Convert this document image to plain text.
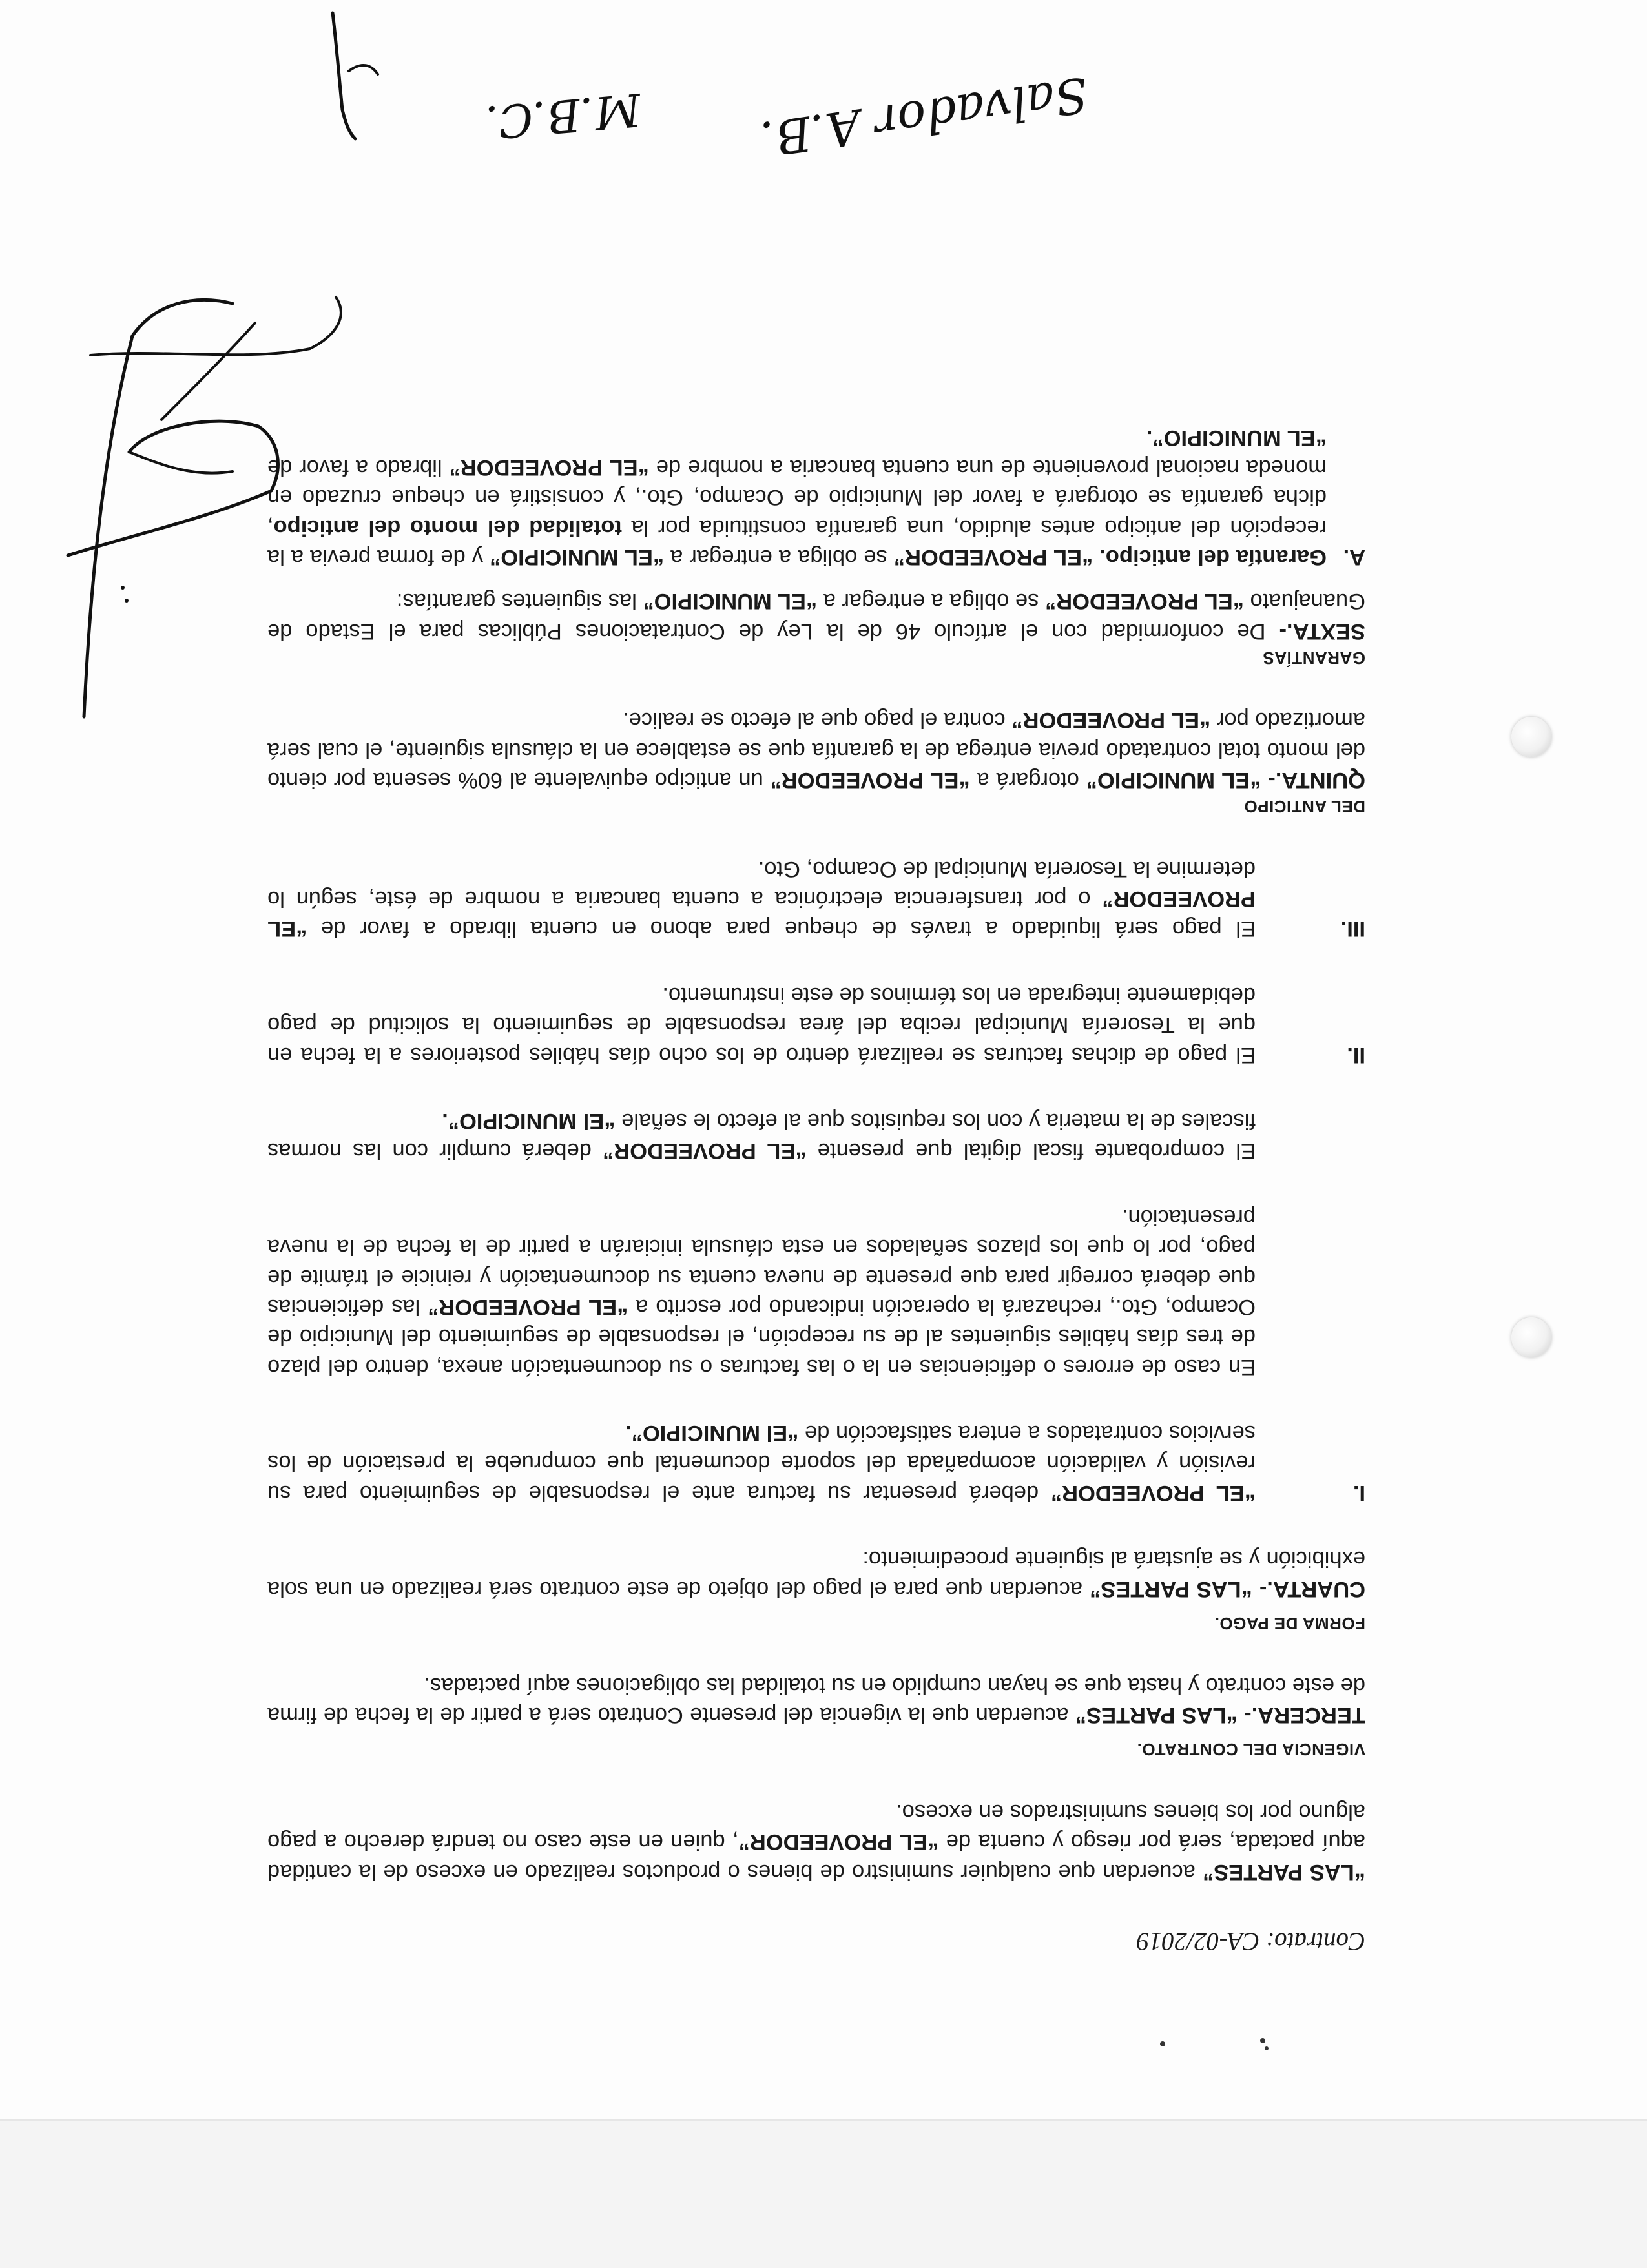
Contrato: CA-02/2019

“LAS PARTES” acuerdan que cualquier suministro de bienes o productos realizado en exceso de la cantidad aquí pactada, será por riesgo y cuenta de “EL PROVEEDOR”, quien en este caso no tendrá derecho a pago alguno por los bienes suministrados en exceso.

VIGENCIA DEL CONTRATO.

TERCERA.- “LAS PARTES” acuerdan que la vigencia del presente Contrato será a partir de la fecha de firma de este contrato y hasta que se hayan cumplido en su totalidad las obligaciones aquí pactadas.

FORMA DE PAGO.

CUARTA.- “LAS PARTES” acuerdan que para el pago del objeto de este contrato será realizado en una sola exhibición y se ajustará al siguiente procedimiento:

I.

“EL PROVEEDOR” deberá presentar su factura ante el responsable de seguimiento para su revisión y validación acompañada del soporte documental que compruebe la prestación de los servicios contratados a entera satisfacción de “El MUNICIPIO”.

En caso de errores o deficiencias en la o las facturas o su documentación anexa, dentro del plazo de tres días hábiles siguientes al de su recepción, el responsable de seguimiento del Municipio de Ocampo, Gto., rechazará la operación indicando por escrito a “EL PROVEEDOR” las deficiencias que deberá corregir para que presente de nueva cuenta su documentación y reinicie el trámite de pago, por lo que los plazos señalados en esta cláusula iniciarán a partir de la fecha de la nueva presentación.

El comprobante fiscal digital que presente “EL PROVEEDOR” deberá cumplir con las normas fiscales de la materia y con los requisitos que al efecto le señale “El MUNICIPIO”.

II.

El pago de dichas facturas se realizará dentro de los ocho días hábiles posteriores a la fecha en que la Tesorería Municipal reciba del área responsable de seguimiento la solicitud de pago debidamente integrada en los términos de este instrumento.

III.

El pago será liquidado a través de cheque para abono en cuenta librado a favor de “EL PROVEEDOR” o por transferencia electrónica a cuenta bancaria a nombre de éste, según lo determine la Tesorería Municipal de Ocampo, Gto.

DEL ANTICIPO

QUINTA.- “EL MUNICIPIO” otorgará a “EL PROVEEDOR” un anticipo equivalente al 60% sesenta por ciento del monto total contratado previa entrega de la garantía que se establece en la cláusula siguiente, el cual será amortizado por “EL PROVEEDOR” contra el pago que al efecto se realice.

GARANTÍAS

SEXTA.- De conformidad con el artículo 46 de la Ley de Contrataciones Públicas para el Estado de Guanajuato “EL PROVEEDOR” se obliga a entregar a “EL MUNICIPIO” las siguientes garantías:

A.

Garantía del anticipo. “EL PROVEEDOR” se obliga a entregar a “EL MUNICIPIO” y de forma previa a la recepción del anticipo antes aludido, una garantía constituida por la totalidad del monto del anticipo, dicha garantía se otorgará a favor del Municipio de Ocampo, Gto., y consistirá en cheque cruzado en moneda nacional proveniente de una cuenta bancaria a nombre de “EL PROVEEDOR” librado a favor de “EL MUNICIPIO”.

M.B.C. Salvador A.B.
